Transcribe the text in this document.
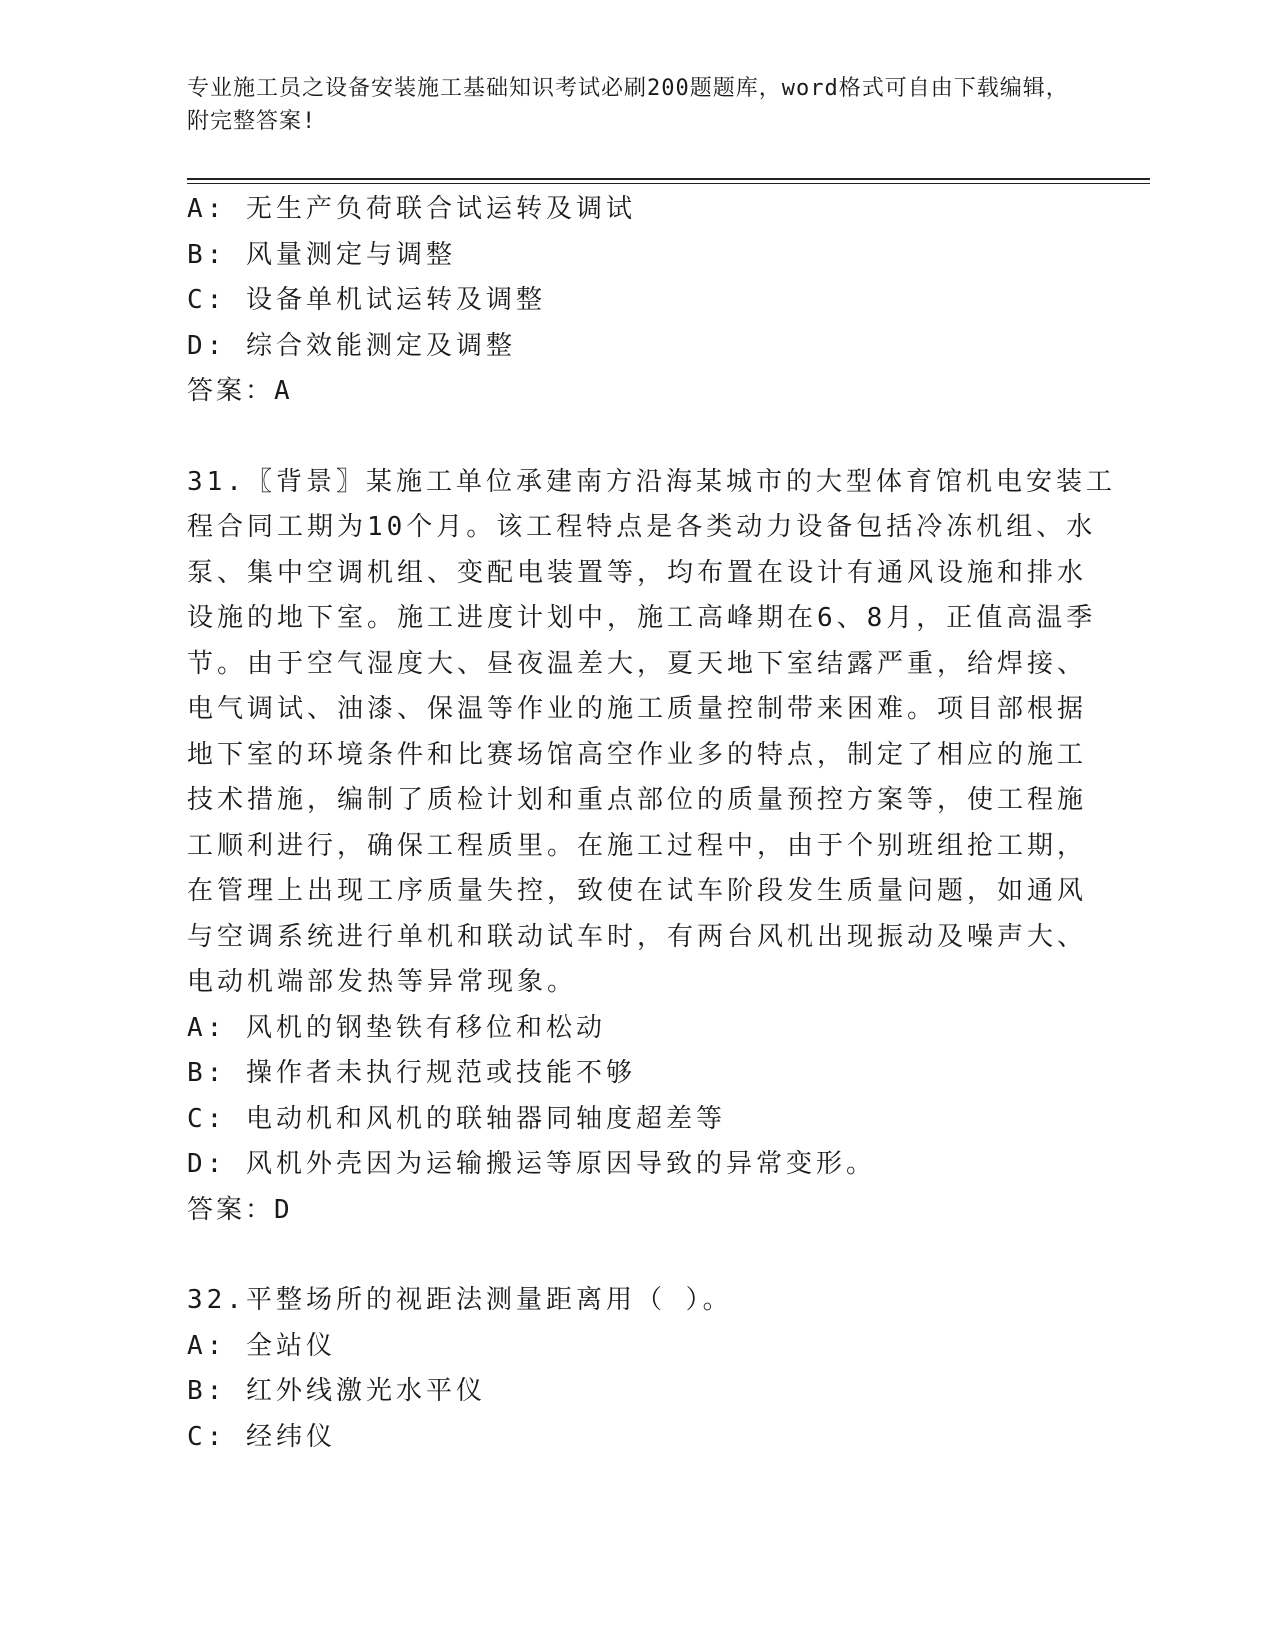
专业施工员之设备安装施工基础知识考试必刷200题题库，word格式可自由下载编辑，附完整答案!
A: 无生产负荷联合试运转及调试
B: 风量测定与调整
C: 设备单机试运转及调整
D: 综合效能测定及调整
答案：A
31.〖背景〗某施工单位承建南方沿海某城市的大型体育馆机电安装工
程合同工期为10个月。该工程特点是各类动力设备包括冷冻机组、水
泵、集中空调机组、变配电装置等，均布置在设计有通风设施和排水
设施的地下室。施工进度计划中，施工高峰期在6、8月，正值高温季
节。由于空气湿度大、昼夜温差大，夏天地下室结露严重，给焊接、
电气调试、油漆、保温等作业的施工质量控制带来困难。项目部根据
地下室的环境条件和比赛场馆高空作业多的特点，制定了相应的施工
技术措施，编制了质检计划和重点部位的质量预控方案等，使工程施
工顺利进行，确保工程质里。在施工过程中，由于个别班组抢工期，
在管理上出现工序质量失控，致使在试车阶段发生质量问题，如通风
与空调系统进行单机和联动试车时，有两台风机出现振动及噪声大、
电动机端部发热等异常现象。
A: 风机的钢垫铁有移位和松动
B: 操作者未执行规范或技能不够
C: 电动机和风机的联轴器同轴度超差等
D: 风机外壳因为运输搬运等原因导致的异常变形。
答案：D
32.平整场所的视距法测量距离用（ ）。
A: 全站仪
B: 红外线激光水平仪
C: 经纬仪
